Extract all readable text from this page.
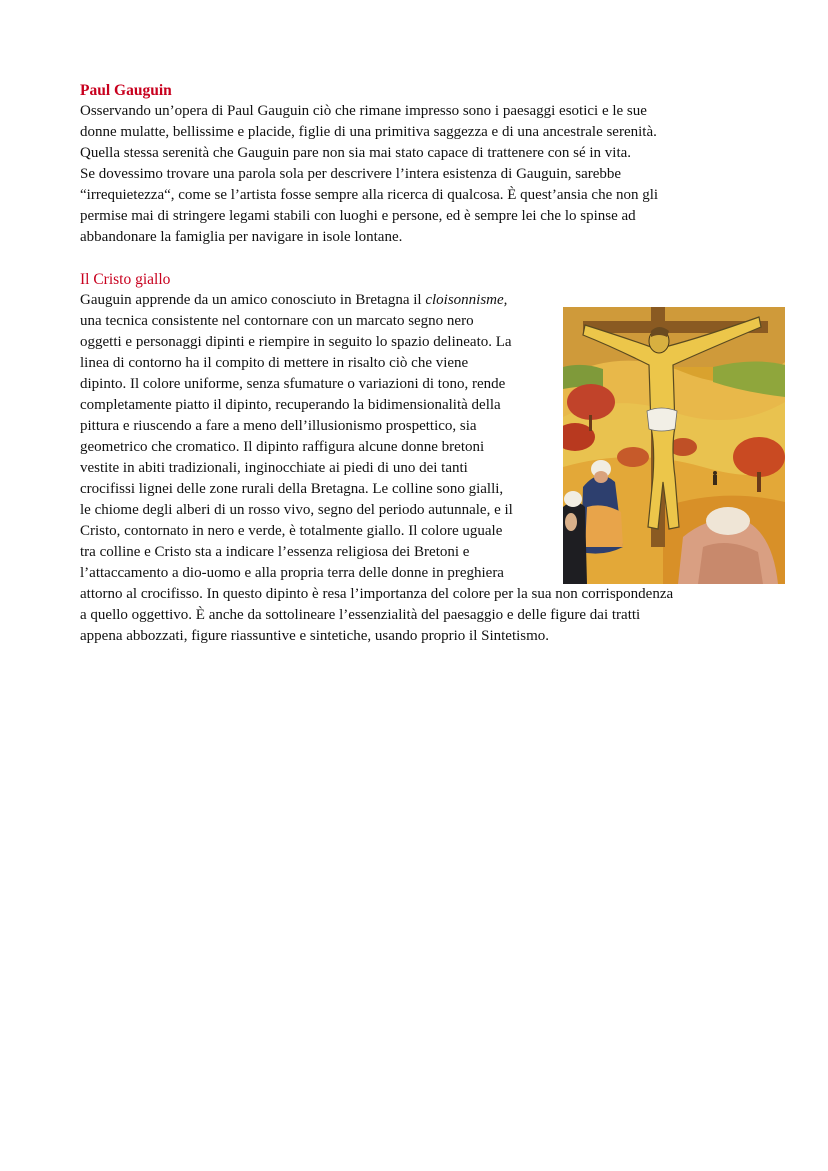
Paul Gauguin
Osservando un’opera di Paul Gauguin ciò che rimane impresso sono i paesaggi esotici e le sue
donne mulatte, bellissime e placide, figlie di una primitiva saggezza e di una ancestrale serenità.
Quella stessa serenità che Gauguin pare non sia mai stato capace di trattenere con sé in vita.
Se dovessimo trovare una parola sola per descrivere l’intera esistenza di Gauguin, sarebbe
“irrequietezza“, come se l’artista fosse sempre alla ricerca di qualcosa. È quest’ansia che non gli
permise mai di stringere legami stabili con luoghi e persone, ed è sempre lei che lo spinse ad
abbandonare la famiglia per navigare in isole lontane.
Il Cristo giallo
Gauguin apprende da un amico conosciuto in Bretagna il cloisonnisme,
una tecnica consistente nel contornare con un marcato segno nero
oggetti e personaggi dipinti e riempire in seguito lo spazio delineato. La
linea di contorno ha il compito di mettere in risalto ciò che viene
dipinto. Il colore uniforme, senza sfumature o variazioni di tono, rende
completamente piatto il dipinto, recuperando la bidimensionalità della
pittura e riuscendo a fare a meno dell’illusionismo prospettico, sia
geometrico che cromatico. Il dipinto raffigura alcune donne bretoni
vestite in abiti tradizionali, inginocchiate ai piedi di uno dei tanti
crocifissi lignei delle zone rurali della Bretagna. Le colline sono gialli,
le chiome degli alberi di un rosso vivo, segno del periodo autunnale, e il
Cristo, contornato in nero e verde, è totalmente giallo. Il colore uguale
tra colline e Cristo sta a indicare l’essenza religiosa dei Bretoni e
l’attaccamento a dio-uomo e alla propria terra delle donne in preghiera
attorno al crocifisso. In questo dipinto è resa l’importanza del colore per la sua non corrispondenza
a quello oggettivo. È anche da sottolineare l’essenzialità del paesaggio e delle figure dai tratti
appena abbozzati, figure riassuntive e sintetiche, usando proprio il Sintetismo.
